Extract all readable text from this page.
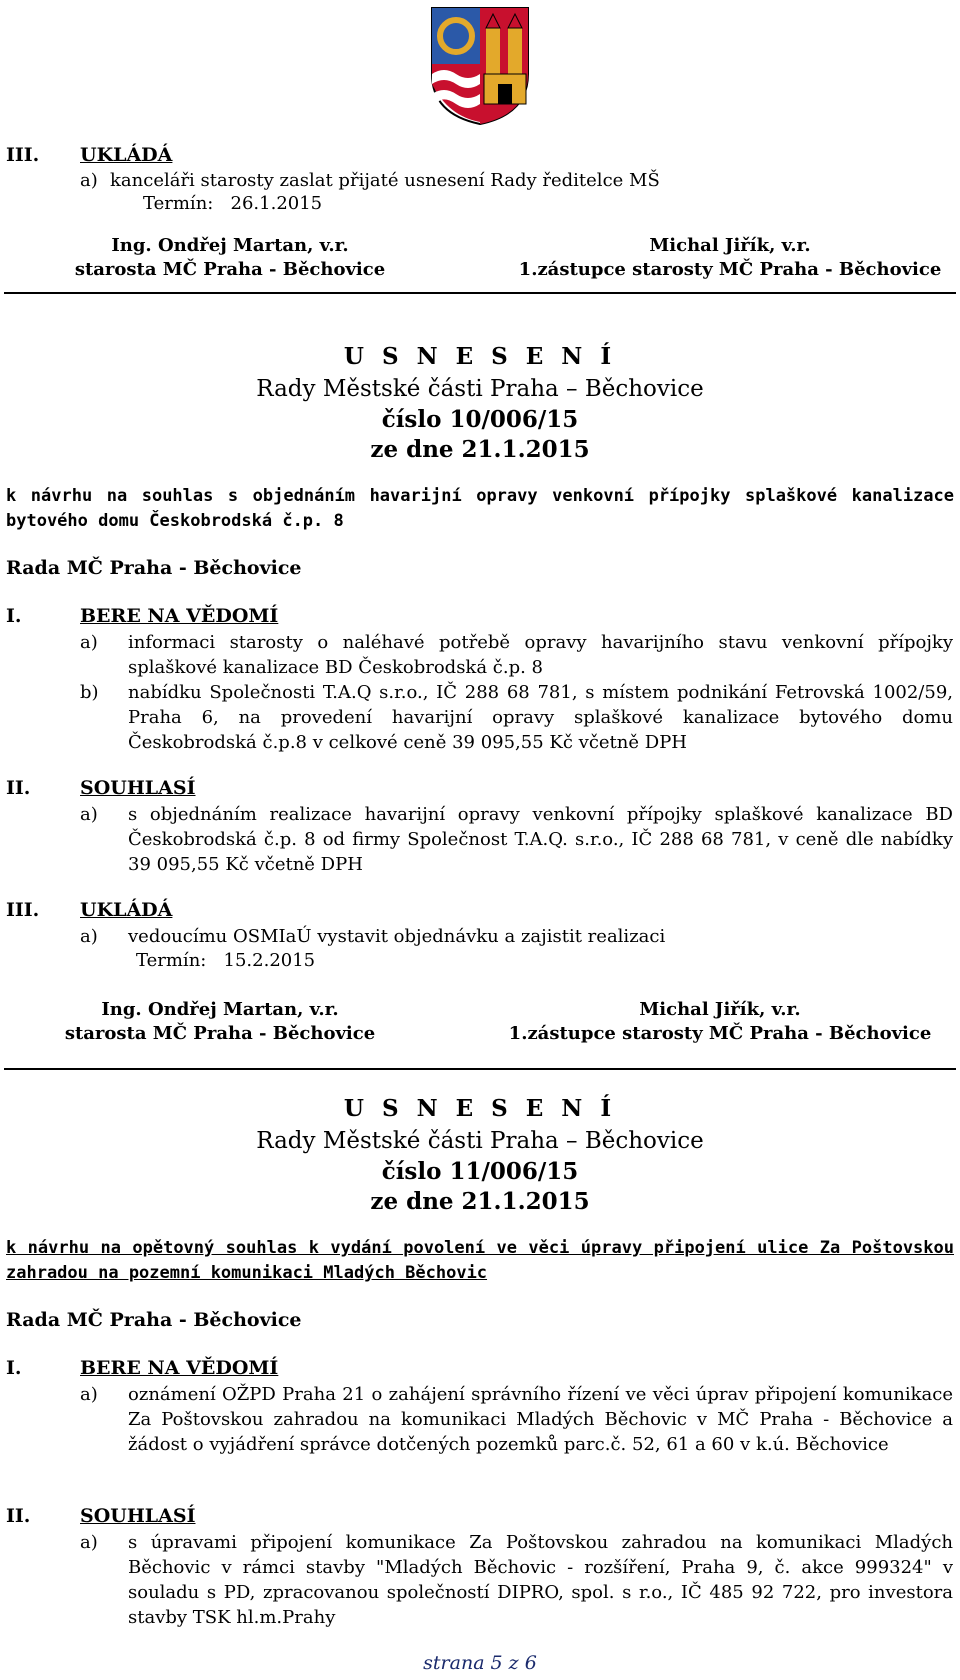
III. UKLÁDÁ
a) kanceláři starosty zaslat přijaté usnesení Rady ředitelce MŠ
Termín:   26.1.2015
Ing. Ondřej Martan, v.r.
starosta MČ Praha - Běchovice
Michal Jiřík, v.r.
1.zástupce starosty MČ Praha - Běchovice
U S N E S E N Í
Rady Městské části Praha – Běchovice
číslo 10/006/15
ze dne 21.1.2015
k návrhu na souhlas s objednáním havarijní opravy venkovní přípojky splaškové kanalizace bytového domu Českobrodská č.p. 8
Rada MČ Praha - Běchovice
I.	BERE NA VĚDOMÍ
a) informaci starosty o naléhavé potřebě opravy havarijního stavu venkovní přípojky splaškové kanalizace BD Českobrodská č.p. 8
b) nabídku Společnosti T.A.Q s.r.o., IČ 288 68 781, s místem podnikání Fetrovská 1002/59, Praha 6, na provedení havarijní opravy splaškové kanalizace bytového domu Českobrodská č.p.8 v celkové ceně 39 095,55 Kč včetně DPH
II.	SOUHLASÍ
a) s objednáním realizace havarijní opravy venkovní přípojky splaškové kanalizace BD Českobrodská č.p. 8 od firmy Společnost T.A.Q. s.r.o., IČ 288 68 781, v ceně dle nabídky 39 095,55 Kč včetně DPH
III. UKLÁDÁ
a) vedoucímu OSMIaÚ vystavit objednávku a zajistit realizaci
Termín:   15.2.2015
Ing. Ondřej Martan, v.r.
starosta MČ Praha - Běchovice
Michal Jiřík, v.r.
1.zástupce starosty MČ Praha - Běchovice
U S N E S E N Í
Rady Městské části Praha – Běchovice
číslo 11/006/15
ze dne 21.1.2015
k návrhu na opětovný souhlas k vydání povolení ve věci úpravy připojení ulice Za Poštovskou zahradou na pozemní komunikaci Mladých Běchovic
Rada MČ Praha - Běchovice
I.	BERE NA VĚDOMÍ
a) oznámení OŽPD Praha 21 o zahájení správního řízení ve věci úprav připojení komunikace Za Poštovskou zahradou na komunikaci Mladých Běchovic v MČ Praha - Běchovice a žádost o vyjádření správce dotčených pozemků parc.č. 52, 61 a 60 v k.ú. Běchovice
II.	SOUHLASÍ
a) s úpravami připojení komunikace Za Poštovskou zahradou na komunikaci Mladých Běchovic v rámci stavby "Mladých Běchovic - rozšíření, Praha 9, č. akce 999324" v souladu s PD, zpracovanou společností DIPRO, spol. s r.o., IČ 485 92 722, pro investora stavby TSK hl.m.Prahy
strana 5 z 6
